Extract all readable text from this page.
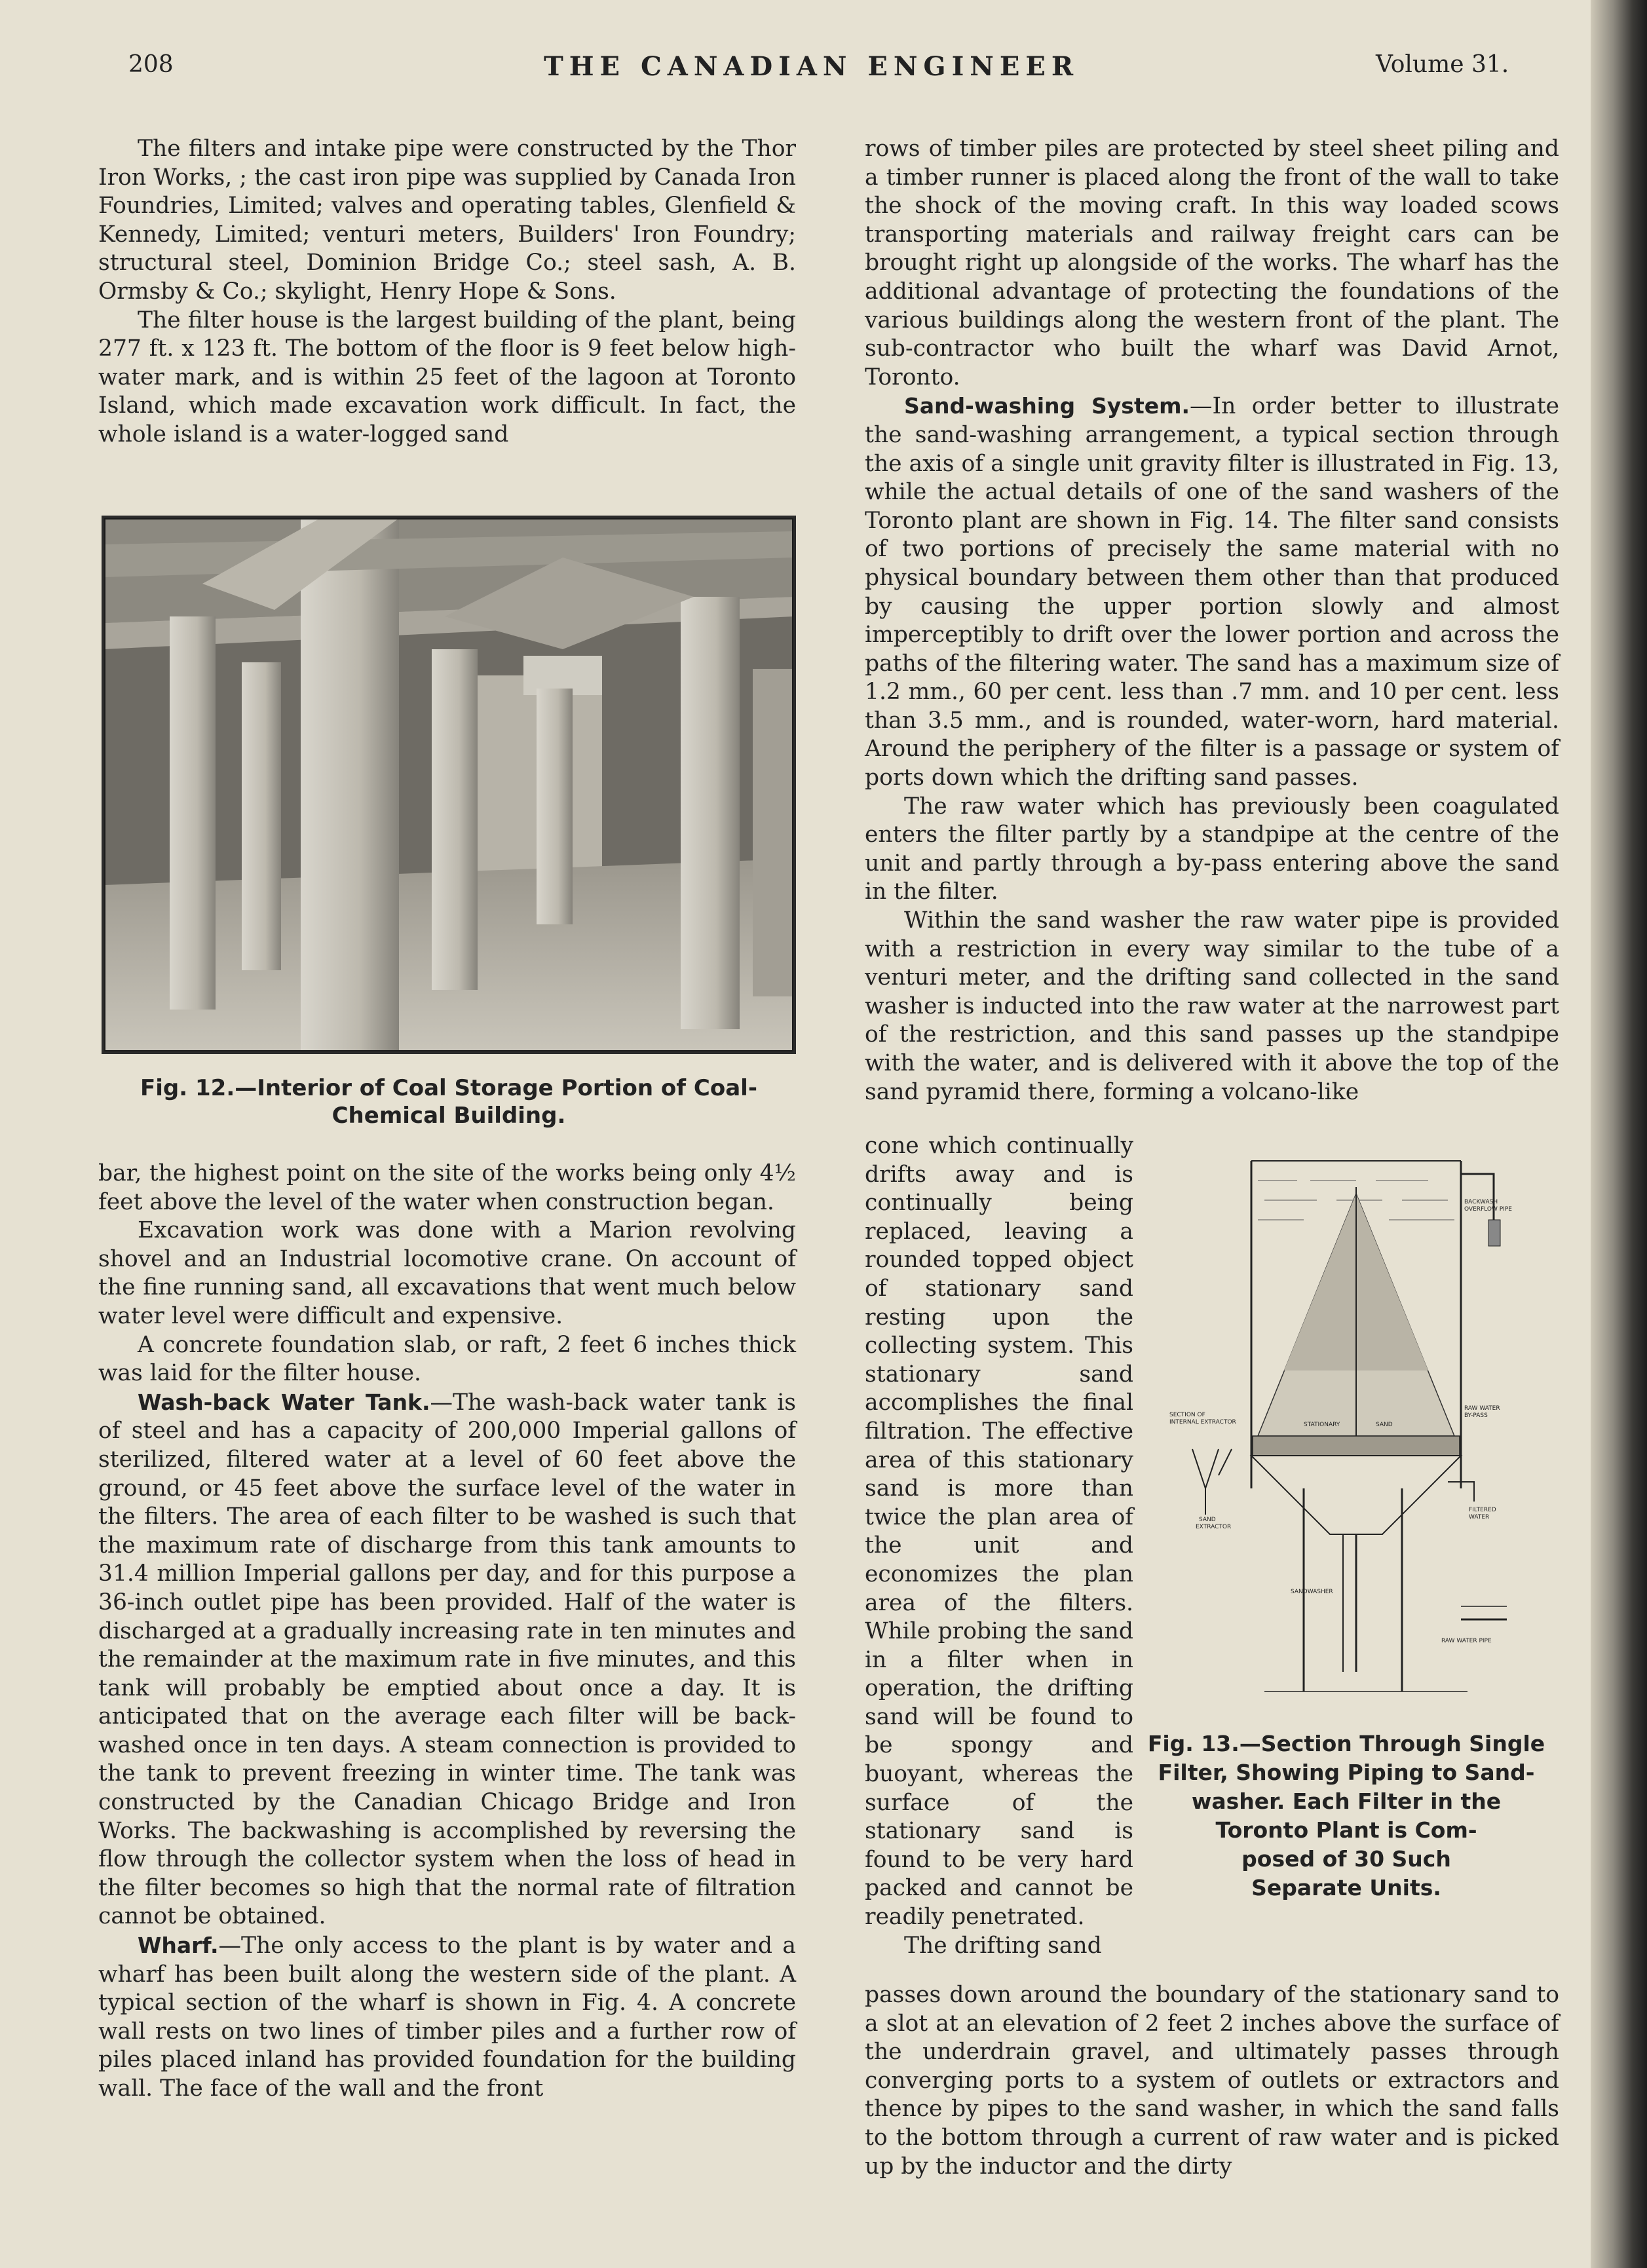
208	THE CANADIAN ENGINEER	Volume 31.

The filters and intake pipe were constructed by the Thor Iron Works, ; the cast iron pipe was supplied by Canada Iron Foundries, Limited; valves and operating tables, Glenfield & Kennedy, Limited; venturi meters, Builders' Iron Foundry; structural steel, Dominion Bridge Co.; steel sash, A. B. Ormsby & Co.; skylight, Henry Hope & Sons.

The filter house is the largest building of the plant, being 277 ft. x 123 ft. The bottom of the floor is 9 feet below high-water mark, and is within 25 feet of the lagoon at Toronto Island, which made excavation work difficult. In fact, the whole island is a water-logged sand

Fig. 12.—Interior of Coal Storage Portion of Coal-
Chemical Building.

bar, the highest point on the site of the works being only 4½ feet above the level of the water when construction began.

Excavation work was done with a Marion revolving shovel and an Industrial locomotive crane. On account of the fine running sand, all excavations that went much below water level were difficult and expensive.

A concrete foundation slab, or raft, 2 feet 6 inches thick was laid for the filter house.

Wash-back Water Tank.—The wash-back water tank is of steel and has a capacity of 200,000 Imperial gallons of sterilized, filtered water at a level of 60 feet above the ground, or 45 feet above the surface level of the water in the filters. The area of each filter to be washed is such that the maximum rate of discharge from this tank amounts to 31.4 million Imperial gallons per day, and for this purpose a 36-inch outlet pipe has been provided. Half of the water is discharged at a gradually increasing rate in ten minutes and the remainder at the maximum rate in five minutes, and this tank will probably be emptied about once a day. It is anticipated that on the average each filter will be back-washed once in ten days. A steam connection is provided to the tank to prevent freezing in winter time. The tank was constructed by the Canadian Chicago Bridge and Iron Works. The backwashing is accomplished by reversing the flow through the collector system when the loss of head in the filter becomes so high that the normal rate of filtration cannot be obtained.

Wharf.—The only access to the plant is by water and a wharf has been built along the western side of the plant. A typical section of the wharf is shown in Fig. 4. A concrete wall rests on two lines of timber piles and a further row of piles placed inland has provided foundation for the building wall. The face of the wall and the front

rows of timber piles are protected by steel sheet piling and a timber runner is placed along the front of the wall to take the shock of the moving craft. In this way loaded scows transporting materials and railway freight cars can be brought right up alongside of the works. The wharf has the additional advantage of protecting the foundations of the various buildings along the western front of the plant. The sub-contractor who built the wharf was David Arnot, Toronto.

Sand-washing System.—In order better to illustrate the sand-washing arrangement, a typical section through the axis of a single unit gravity filter is illustrated in Fig. 13, while the actual details of one of the sand washers of the Toronto plant are shown in Fig. 14. The filter sand consists of two portions of precisely the same material with no physical boundary between them other than that produced by causing the upper portion slowly and almost imperceptibly to drift over the lower portion and across the paths of the filtering water. The sand has a maximum size of 1.2 mm., 60 per cent. less than .7 mm. and 10 per cent. less than 3.5 mm., and is rounded, water-worn, hard material. Around the periphery of the filter is a passage or system of ports down which the drifting sand passes.

The raw water which has previously been coagulated enters the filter partly by a standpipe at the centre of the unit and partly through a by-pass entering above the sand in the filter.

Within the sand washer the raw water pipe is provided with a restriction in every way similar to the tube of a venturi meter, and the drifting sand collected in the sand washer is inducted into the raw water at the narrowest part of the restriction, and this sand passes up the standpipe with the water, and is delivered with it above the top of the sand pyramid there, forming a volcano-like

cone which continually drifts away and is continually being replaced, leaving a rounded topped object of stationary sand resting upon the collecting system. This stationary sand accomplishes the final filtration. The effective area of this stationary sand is more than twice the plan area of the unit and economizes the plan area of the filters. While probing the sand in a filter when in operation, the drifting sand will be found to be spongy and buoyant, whereas the surface of the stationary sand is found to be very hard packed and cannot be readily penetrated.

The drifting sand

passes down around the boundary of the stationary sand to a slot at an elevation of 2 feet 2 inches above the surface of the underdrain gravel, and ultimately passes through converging ports to a system of outlets or extractors and thence by pipes to the sand washer, in which the sand falls to the bottom through a current of raw water and is picked up by the inductor and the dirty

BACKWASH
OVERFLOW PIPE
SECTION OF
INTERNAL EXTRACTOR	STATIONARY	SAND
RAW WATER
BY-PASS
SAND
EXTRACTOR
FILTERED
WATER
SANDWASHER
RAW WATER PIPE
Fig. 13.—Section Through Single
Filter, Showing Piping to Sand-
washer. Each Filter in the
Toronto Plant is Com-
posed of 30 Such
Separate Units.
